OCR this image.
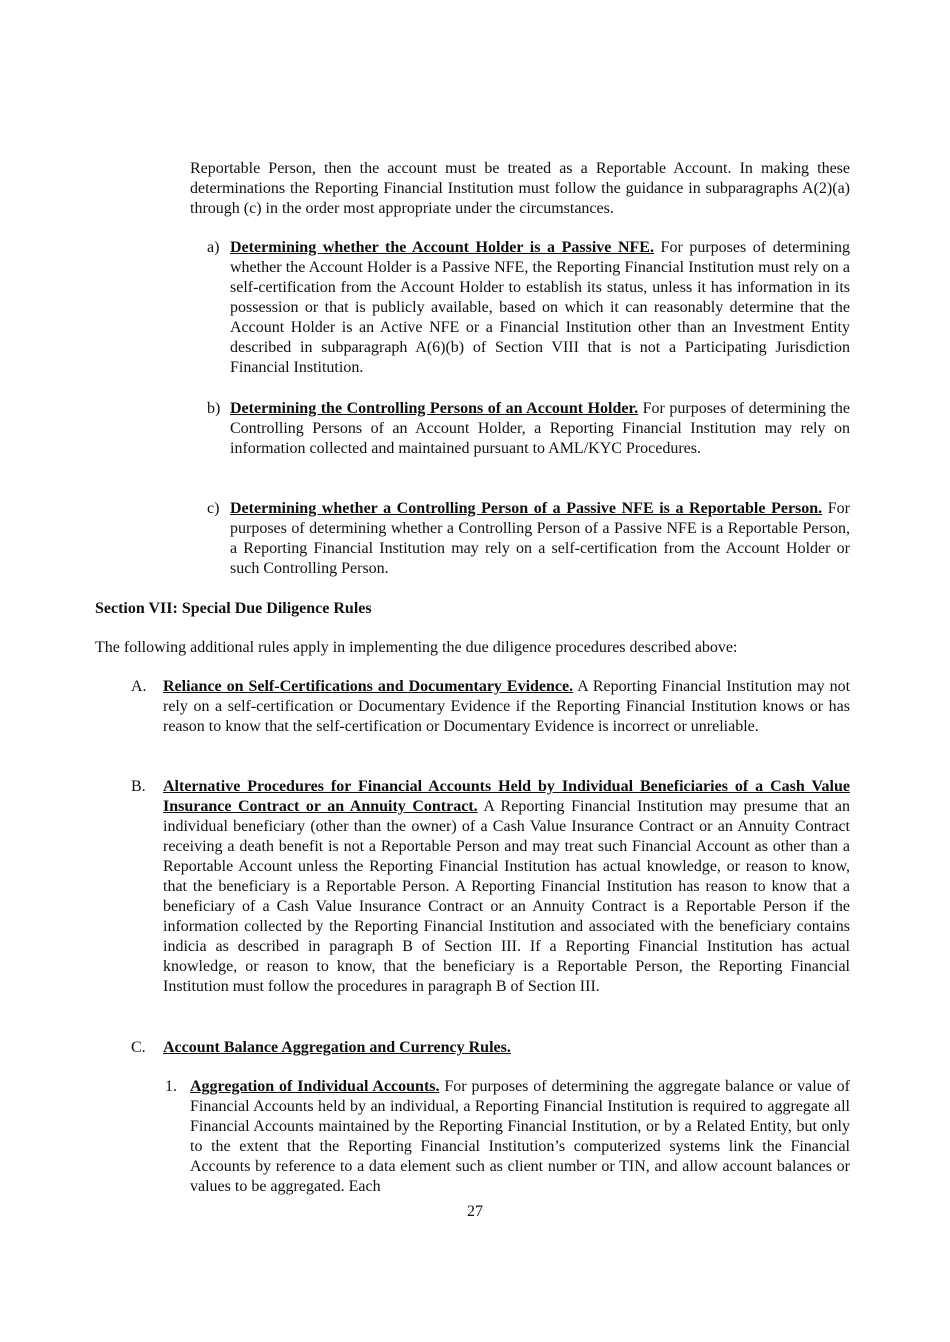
Reportable Person, then the account must be treated as a Reportable Account. In making these determinations the Reporting Financial Institution must follow the guidance in subparagraphs A(2)(a) through (c) in the order most appropriate under the circumstances.

a) Determining whether the Account Holder is a Passive NFE. For purposes of determining whether the Account Holder is a Passive NFE, the Reporting Financial Institution must rely on a self-certification from the Account Holder to establish its status, unless it has information in its possession or that is publicly available, based on which it can reasonably determine that the Account Holder is an Active NFE or a Financial Institution other than an Investment Entity described in subparagraph A(6)(b) of Section VIII that is not a Participating Jurisdiction Financial Institution.

b) Determining the Controlling Persons of an Account Holder. For purposes of determining the Controlling Persons of an Account Holder, a Reporting Financial Institution may rely on information collected and maintained pursuant to AML/KYC Procedures.

c) Determining whether a Controlling Person of a Passive NFE is a Reportable Person. For purposes of determining whether a Controlling Person of a Passive NFE is a Reportable Person, a Reporting Financial Institution may rely on a self-certification from the Account Holder or such Controlling Person.

Section VII: Special Due Diligence Rules

The following additional rules apply in implementing the due diligence procedures described above:

A.	Reliance on Self-Certifications and Documentary Evidence. A Reporting Financial Institution may not rely on a self-certification or Documentary Evidence if the Reporting Financial Institution knows or has reason to know that the self-certification or Documentary Evidence is incorrect or unreliable.

B.	Alternative Procedures for Financial Accounts Held by Individual Beneficiaries of a Cash Value Insurance Contract or an Annuity Contract. A Reporting Financial Institution may presume that an individual beneficiary (other than the owner) of a Cash Value Insurance Contract or an Annuity Contract receiving a death benefit is not a Reportable Person and may treat such Financial Account as other than a Reportable Account unless the Reporting Financial Institution has actual knowledge, or reason to know, that the beneficiary is a Reportable Person. A Reporting Financial Institution has reason to know that a beneficiary of a Cash Value Insurance Contract or an Annuity Contract is a Reportable Person if the information collected by the Reporting Financial Institution and associated with the beneficiary contains indicia as described in paragraph B of Section III. If a Reporting Financial Institution has actual knowledge, or reason to know, that the beneficiary is a Reportable Person, the Reporting Financial Institution must follow the procedures in paragraph B of Section III.

C.	Account Balance Aggregation and Currency Rules.

1. Aggregation of Individual Accounts. For purposes of determining the aggregate balance or value of Financial Accounts held by an individual, a Reporting Financial Institution is required to aggregate all Financial Accounts maintained by the Reporting Financial Institution, or by a Related Entity, but only to the extent that the Reporting Financial Institution’s computerized systems link the Financial Accounts by reference to a data element such as client number or TIN, and allow account balances or values to be aggregated. Each

27
